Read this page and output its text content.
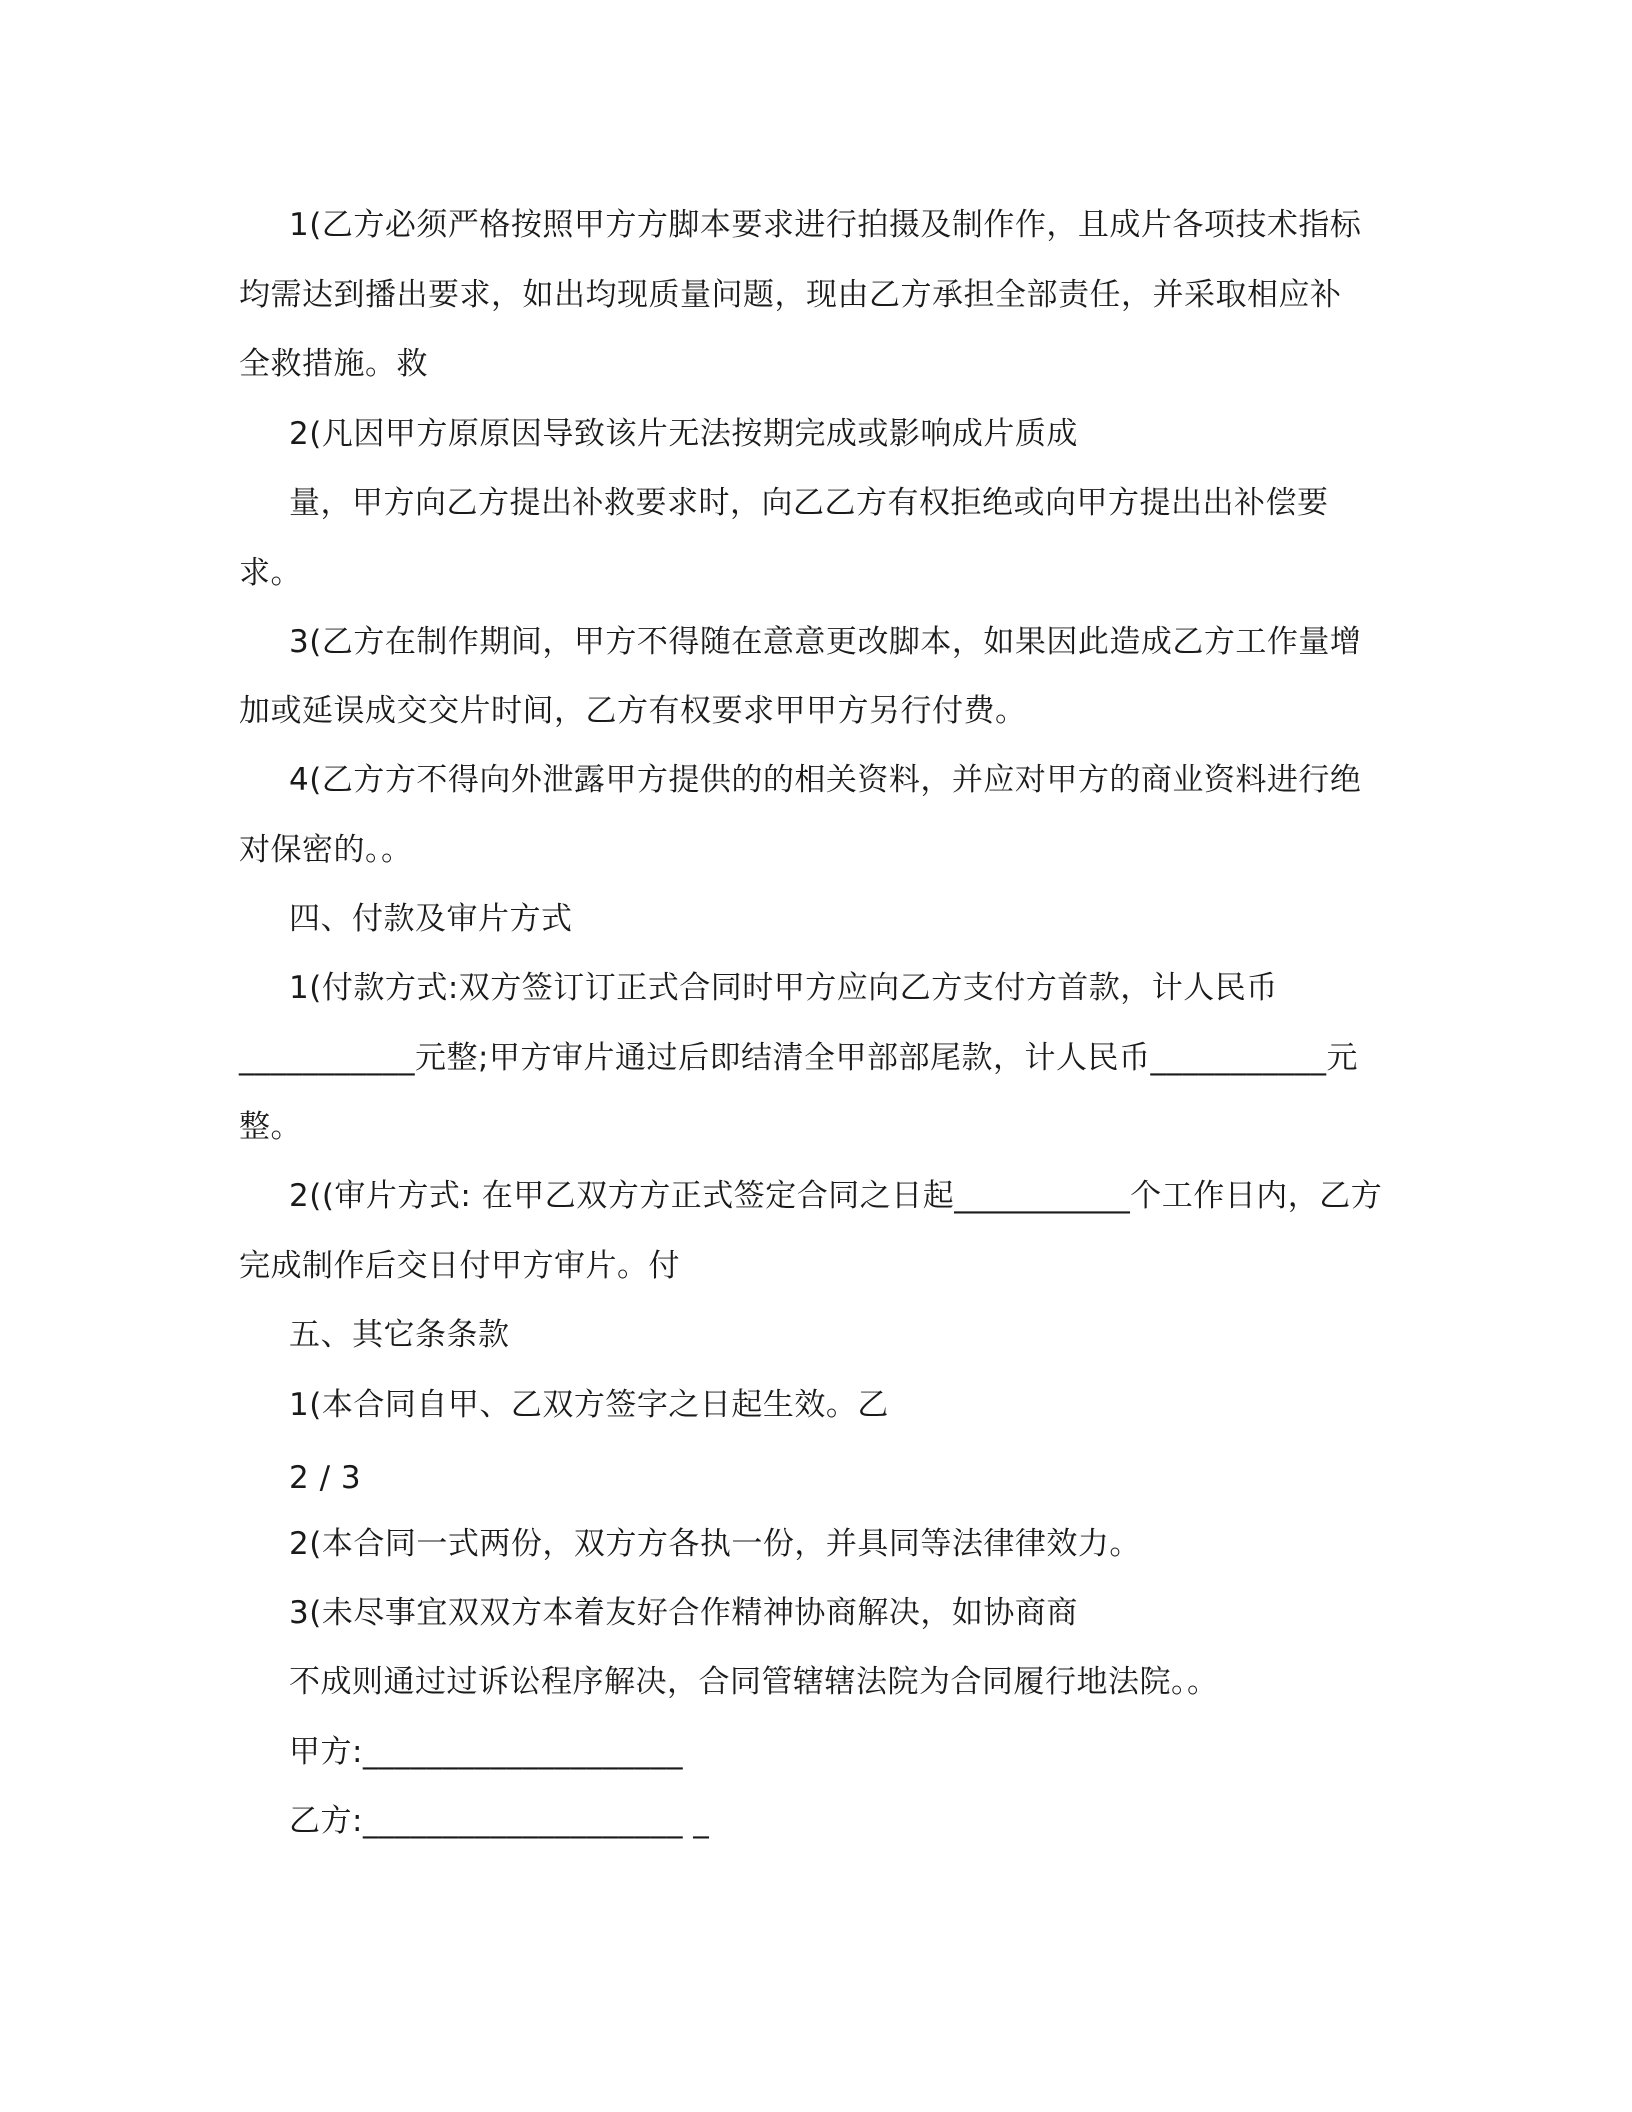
1(乙方必须严格按照甲方方脚本要求进行拍摄及制作作，且成片各项技术指标
均需达到播出要求，如出均现质量问题，现由乙方承担全部责任，并采取相应补
全救措施。救
2(凡因甲方原原因导致该片无法按期完成或影响成片质成
量，甲方向乙方提出补救要求时，向乙乙方有权拒绝或向甲方提出出补偿要
求。
3(乙方在制作期间，甲方不得随在意意更改脚本，如果因此造成乙方工作量增
加或延误成交交片时间，乙方有权要求甲甲方另行付费。
4(乙方方不得向外泄露甲方提供的的相关资料，并应对甲方的商业资料进行绝
对保密的。。
四、付款及审片方式
1(付款方式:双方签订订正式合同时甲方应向乙方支付方首款，计人民币
___________元整;甲方审片通过后即结清全甲部部尾款，计人民币___________元
整。
2((审片方式: 在甲乙双方方正式签定合同之日起___________个工作日内，乙方
完成制作后交日付甲方审片。付
五、其它条条款
1(本合同自甲、乙双方签字之日起生效。乙
2 / 3
2(本合同一式两份，双方方各执一份，并具同等法律律效力。
3(未尽事宜双双方本着友好合作精神协商解决，如协商商
不成则通过过诉讼程序解决，合同管辖辖法院为合同履行地法院。。
甲方:____________________
乙方:____________________ _
